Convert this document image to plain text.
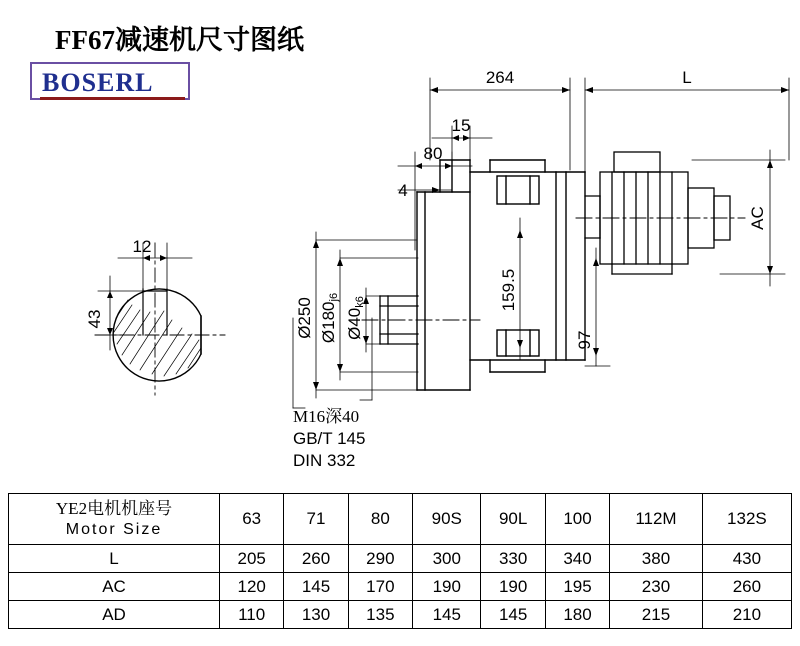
FF67减速机尺寸图纸
BOSERL
12
43
264	L
15
80
4
AC
159.5
97
Ø250 Ø180j6
Ø40k6
M16深40
GB/T 145
DIN 332
YE2电机机座号
Motor Size	63	71	80	90S	90L	100	112M	132S
L	205	260	290	300	330	340	380	430
AC	120	145	170	190	190	195	230	260
AD	110	130	135	145	145	180	215	210
